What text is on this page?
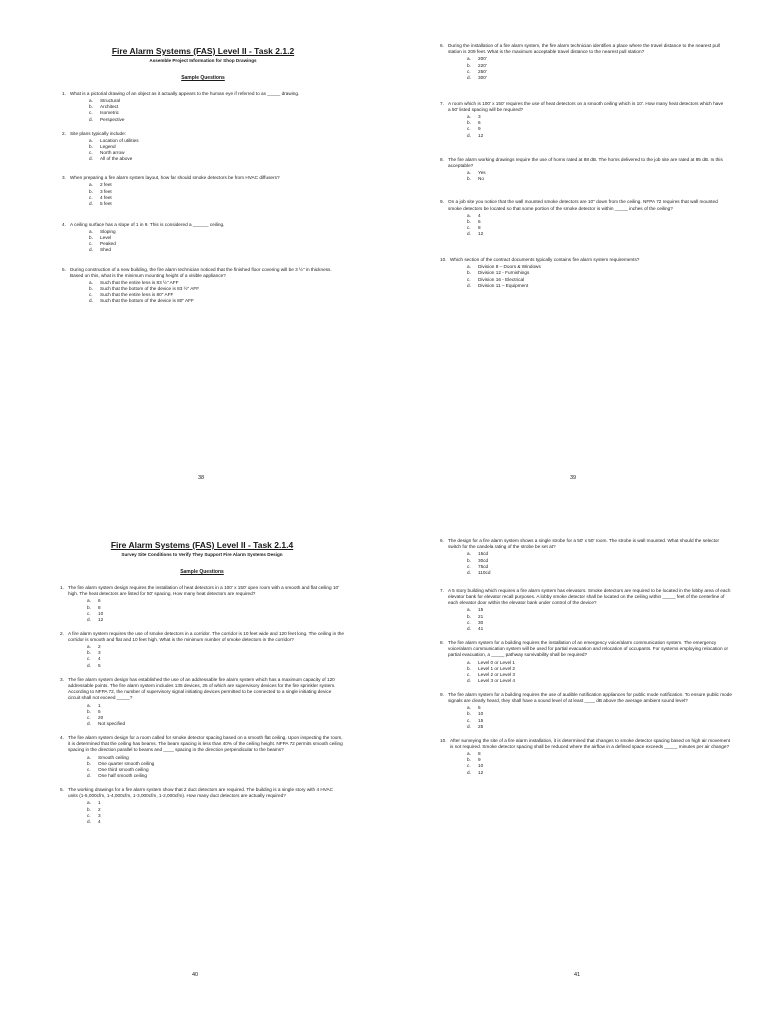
Fire Alarm Systems (FAS) Level II - Task 2.1.2

Assemble Project Information for Shop Drawings

Sample Questions

1. What is a pictorial drawing of an object as it actually appears to the human eye if referred to as _____ drawing.
a.	Structural
b.	Architect
c.	Isometric
d.	Perspective
2. Site plans typically include:
a.	Location of utilities
b.	Legend
c.	North arrow
d.	All of the above
3. When preparing a fire alarm system layout, how far should smoke detectors be from HVAC diffusers?
a.	2 feet
b.	3 feet
c.	4 feet
d.	5 feet
4. A ceiling surface has a slope of 1 in 9. This is considered a ______ ceiling.
a.	Sloping
b.	Level
c.	Peaked
d.	Shed
5. During construction of a new building, the fire alarm technician noticed that the finished floor covering will be 3 ½" in thickness. Based on this, what is the minimum mounting height of a visible appliance?
a.	Such that the entire lens is 83 ½" AFF
b.	Such that the bottom of the device is 83 ½" AFF
c.	Such that the entire lens is 80" AFF
d.	Such that the bottom of the device is 80" AFF
38
6. During the installation of a fire alarm system, the fire alarm technician identifies a place where the travel distance to the nearest pull station is 209 feet. What is the maximum acceptable travel distance to the nearest pull station?
a.	200'
b.	220'
c.	250'
d.	300'
7. A room which is 100' x 150' requires the use of heat detectors on a smooth ceiling which is 10'. How many heat detectors which have a 50' listed spacing will be required?
a.	3
b.	6
c.	9
d.	12
8. The fire alarm working drawings require the use of horns rated at 88 dB. The horns delivered to the job site are rated at 85 dB. Is this acceptable?
a.	Yes
b.	No
9. On a job site you notice that the wall mounted smoke detectors are 10" down from the ceiling. NFPA 72 requires that wall mounted smoke detectors be located so that some portion of the smoke detector is within _____ inches of the ceiling?
a.	4
b.	6
c.	8
d.	12
10. Which section of the contract documents typically contains fire alarm system requirements?
a.	Division 8 – Doors & Windows
b.	Division 12 - Furnishings
c.	Division 16 - Electrical
d.	Division 11 – Equipment
39

Fire Alarm Systems (FAS) Level II - Task 2.1.4

Survey Site Conditions to Verify They Support Fire Alarm Systems Design

Sample Questions

1. The fire alarm system design requires the installation of heat detectors in a 100' x 150' open room with a smooth and flat ceiling 10' high. The heat detectors are listed for 50' spacing. How many heat detectors are required?
a.	6
b.	8
c.	10
d.	12
2. A fire alarm system requires the use of smoke detectors in a corridor. The corridor is 10 feet wide and 120 feet long. The ceiling in the corridor is smooth and flat and 10 feet high. What is the minimum number of smoke detectors in the corridor?
a.	2
b.	3
c.	4
d.	5
3. The fire alarm system design has established the use of an addressable fire alarm system which has a maximum capacity of 120 addressable points. The fire alarm system includes 135 devices, 25 of which are supervisory devices for the fire sprinkler system. According to NFPA 72, the number of supervisory signal initiating devices permitted to be connected to a single initiating device circuit shall not exceed _____?
a.	1
b.	5
c.	20
d.	Not specified
4. The fire alarm system design for a room called for smoke detector spacing based on a smooth flat ceiling. Upon inspecting the room, it is determined that the ceiling has beams. The beam spacing is less than 40% of the ceiling height. NFPA 72 permits smooth ceiling spacing in the direction parallel to beams and ____ spacing in the direction perpendicular to the beams?
a.	Smooth ceiling
b.	One quarter smooth ceiling
c.	One third smooth ceiling
d.	One half smooth ceiling
5. The working drawings for a fire alarm system show that 2 duct detectors are required. The building is a single story with 4 HVAC units (1-5,000cfm, 1-4,000cfm, 1-3,000cfm, 1-2,000cfm). How many duct detectors are actually required?
a.	1
b.	2
c.	3
d.	4
40
6. The design for a fire alarm system shows a single strobe for a 50' x 50' room. The strobe is wall mounted. What should the selector switch for the candela rating of the strobe be set at?
a.	15cd
b.	30cd
c.	75cd
d.	110cd
7. A 5 story building which requires a fire alarm system has elevators. Smoke detectors are required to be located in the lobby area of each elevator bank for elevator recall purposes. A lobby smoke detector shall be located on the ceiling within _____ feet of the centerline of each elevator door within the elevator bank under control of the device?
a.	15
b.	21
c.	30
d.	41
8. The fire alarm system for a building requires the installation of an emergency voice/alarm communication system. The emergency voice/alarm communication system will be used for partial evacuation and relocation of occupants. For systems employing relocation or partial evacuation, a _____ pathway survivability shall be required?
a.	Level 0 or Level 1
b.	Level 1 or Level 2
c.	Level 2 or Level 3
d.	Level 3 or Level 4
9. The fire alarm system for a building requires the use of audible notification appliances for public mode notification. To ensure public mode signals are clearly heard, they shall have a sound level of at least ____ dB above the average ambient sound level?
a.	5
b.	10
c.	15
d.	25
10. After surveying the site of a fire alarm installation, it is determined that changes to smoke detector spacing based on high air movement is not required. Smoke detector spacing shall be reduced where the airflow in a defined space exceeds _____ minutes per air change?
a.	8
b.	9
c.	10
d.	12
41
